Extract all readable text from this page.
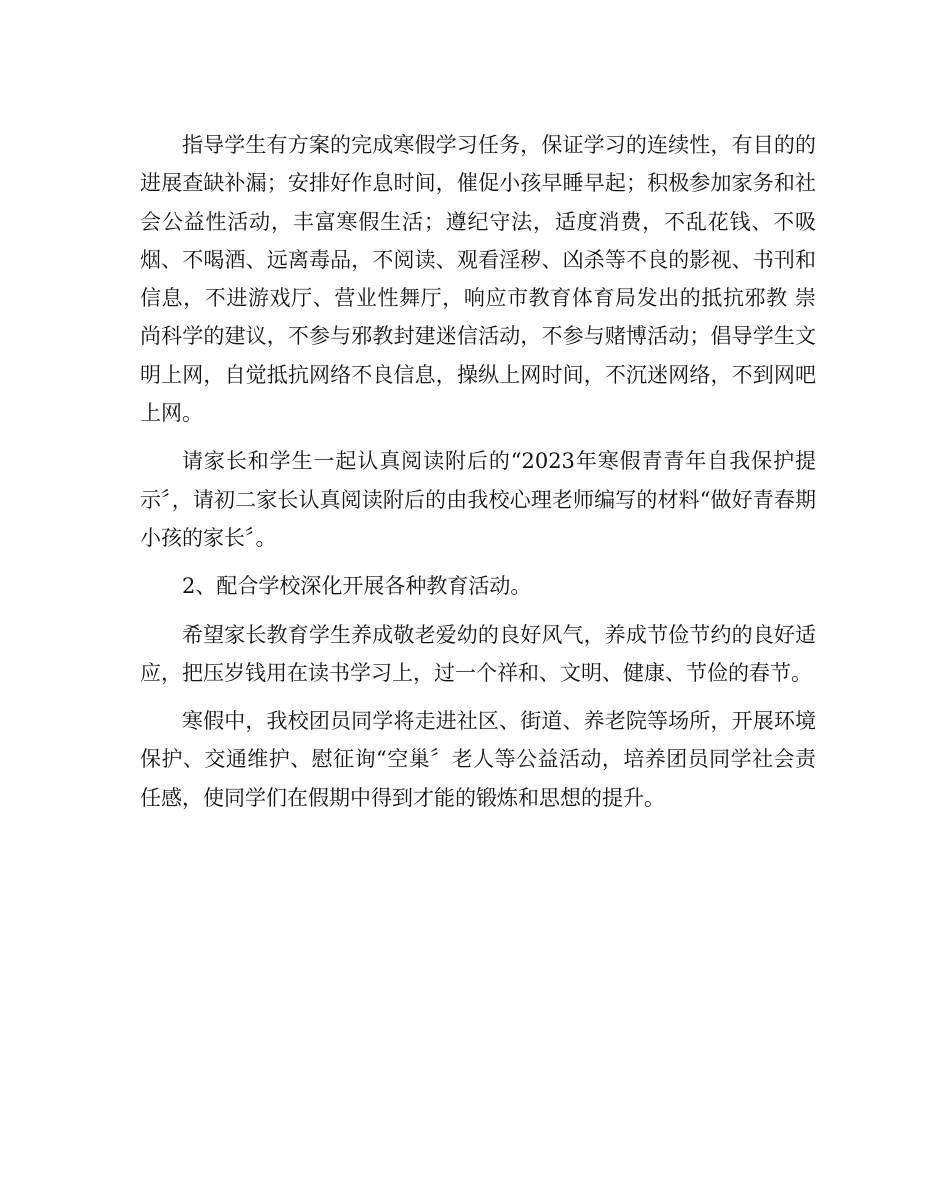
指导学生有方案的完成寒假学习任务，保证学习的连续性，有目的的进展查缺补漏；安排好作息时间，催促小孩早睡早起；积极参加家务和社会公益性活动，丰富寒假生活；遵纪守法，适度消费，不乱花钱、不吸烟、不喝酒、远离毒品，不阅读、观看淫秽、凶杀等不良的影视、书刊和信息，不进游戏厅、营业性舞厅，响应市教育体育局发出的抵抗邪教 崇尚科学的建议，不参与邪教封建迷信活动，不参与赌博活动；倡导学生文明上网，自觉抵抗网络不良信息，操纵上网时间，不沉迷网络，不到网吧上网。

请家长和学生一起认真阅读附后的“2023年寒假青青年自我保护提示〞，请初二家长认真阅读附后的由我校心理老师编写的材料“做好青春期小孩的家长〞。

2、配合学校深化开展各种教育活动。

希望家长教育学生养成敬老爱幼的良好风气，养成节俭节约的良好适应，把压岁钱用在读书学习上，过一个祥和、文明、健康、节俭的春节。

寒假中，我校团员同学将走进社区、街道、养老院等场所，开展环境保护、交通维护、慰征询“空巢〞老人等公益活动，培养团员同学社会责任感，使同学们在假期中得到才能的锻炼和思想的提升。
